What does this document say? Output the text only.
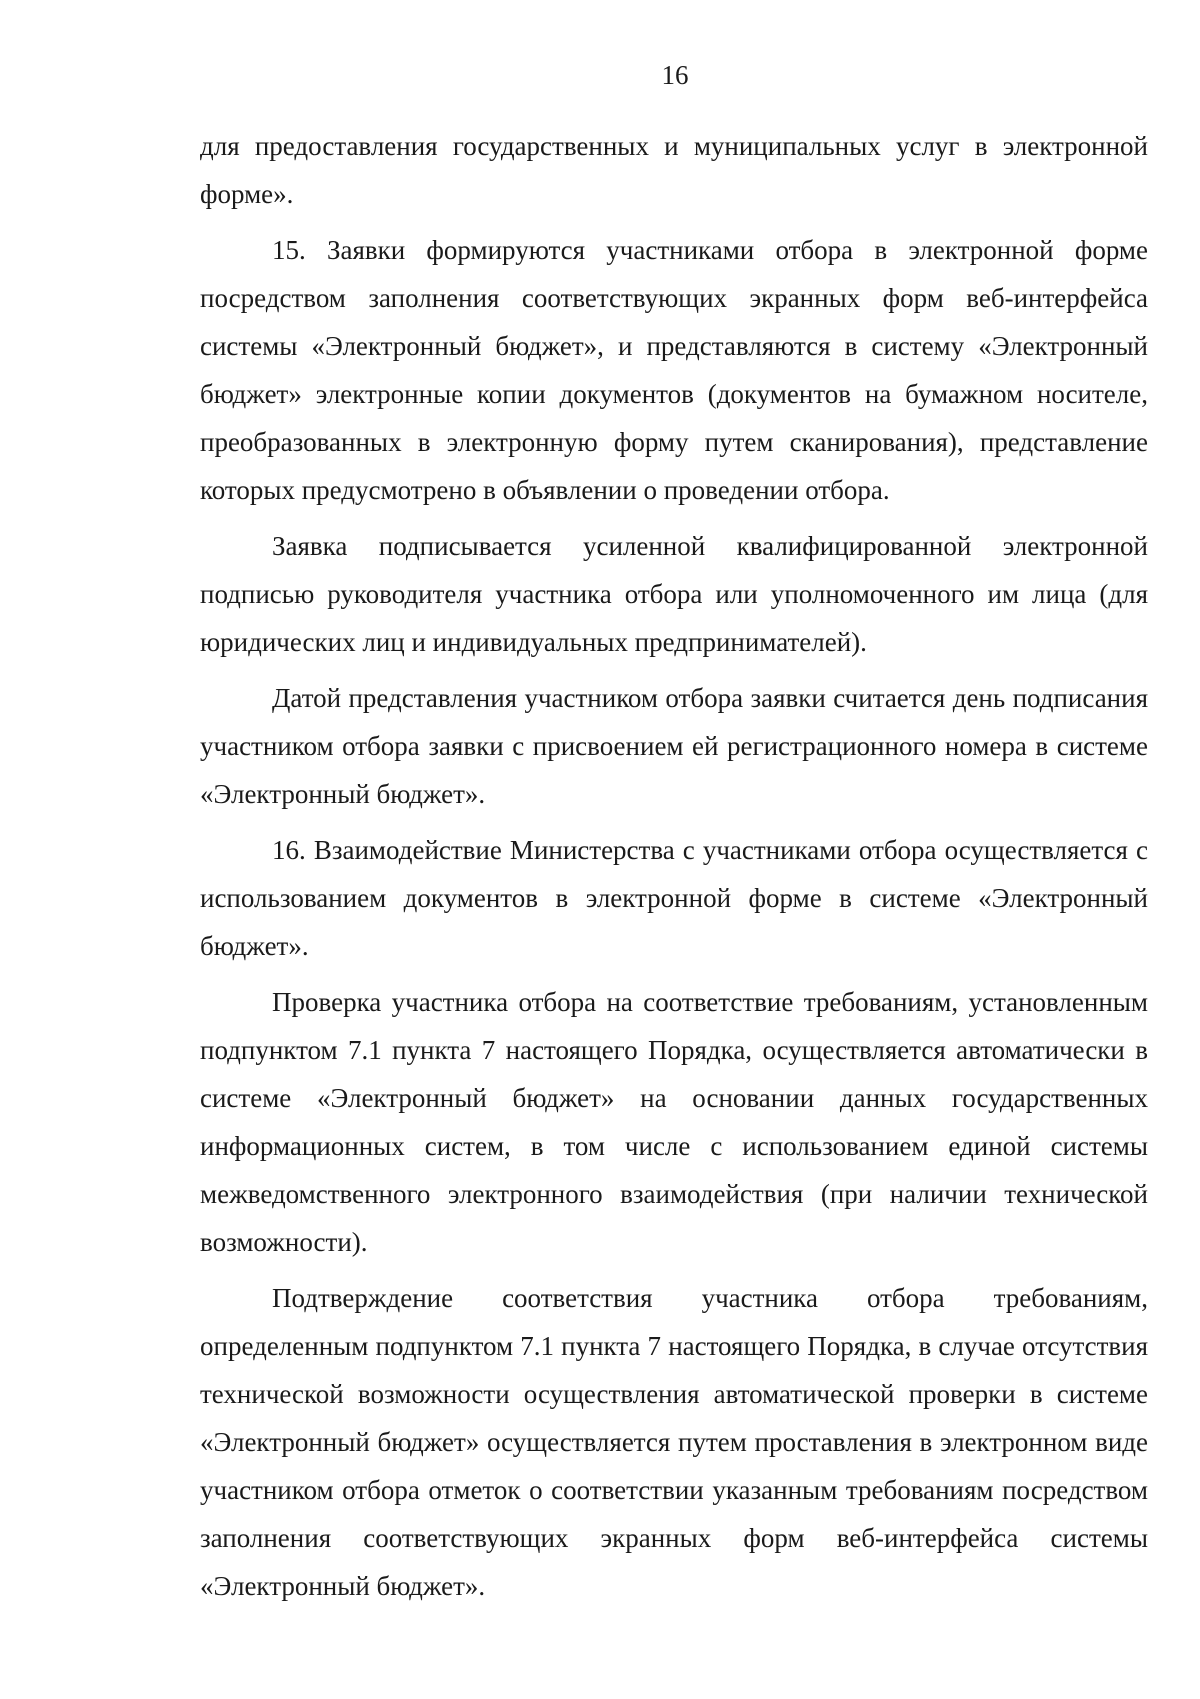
16

для предоставления государственных и муниципальных услуг в электронной форме».

15. Заявки формируются участниками отбора в электронной форме посредством заполнения соответствующих экранных форм веб-интерфейса системы «Электронный бюджет», и представляются в систему «Электронный бюджет» электронные копии документов (документов на бумажном носителе, преобразованных в электронную форму путем сканирования), представление которых предусмотрено в объявлении о проведении отбора.

Заявка подписывается усиленной квалифицированной электронной подписью руководителя участника отбора или уполномоченного им лица (для юридических лиц и индивидуальных предпринимателей).

Датой представления участником отбора заявки считается день подписания участником отбора заявки с присвоением ей регистрационного номера в системе «Электронный бюджет».

16. Взаимодействие Министерства с участниками отбора осуществляется с использованием документов в электронной форме в системе «Электронный бюджет».

Проверка участника отбора на соответствие требованиям, установленным подпунктом 7.1 пункта 7 настоящего Порядка, осуществляется автоматически в системе «Электронный бюджет» на основании данных государственных информационных систем, в том числе с использованием единой системы межведомственного электронного взаимодействия (при наличии технической возможности).

Подтверждение соответствия участника отбора требованиям, определенным подпунктом 7.1 пункта 7 настоящего Порядка, в случае отсутствия технической возможности осуществления автоматической проверки в системе «Электронный бюджет» осуществляется путем проставления в электронном виде участником отбора отметок о соответствии указанным требованиям посредством заполнения соответствующих экранных форм веб-интерфейса системы «Электронный бюджет».
